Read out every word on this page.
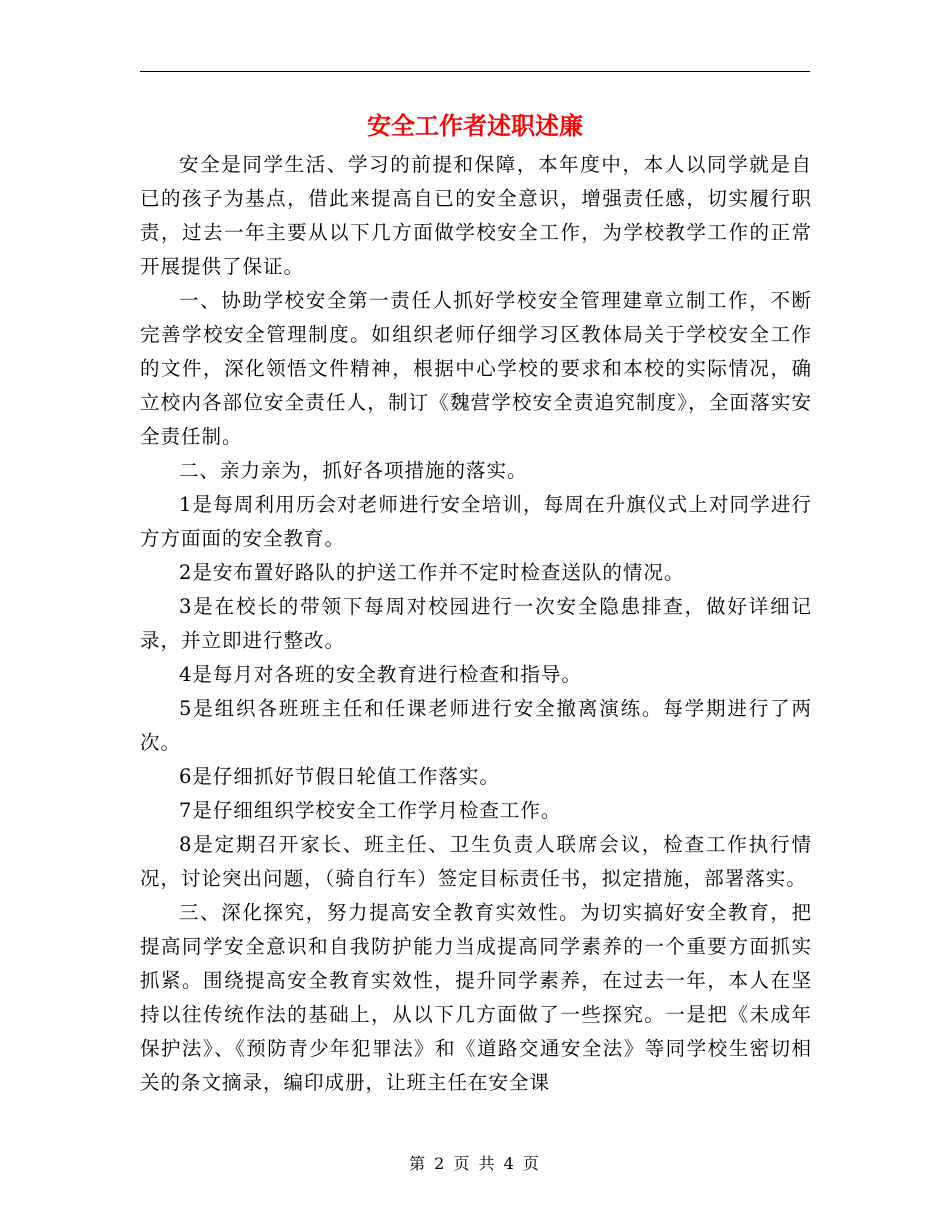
安全工作者述职述廉

安全是同学生活、学习的前提和保障，本年度中，本人以同学就是自已的孩子为基点，借此来提高自已的安全意识，增强责任感，切实履行职责，过去一年主要从以下几方面做学校安全工作，为学校教学工作的正常开展提供了保证。

一、协助学校安全第一责任人抓好学校安全管理建章立制工作，不断完善学校安全管理制度。如组织老师仔细学习区教体局关于学校安全工作的文件，深化领悟文件精神，根据中心学校的要求和本校的实际情况，确立校内各部位安全责任人，制订《魏营学校安全责追究制度》，全面落实安全责任制。

二、亲力亲为，抓好各项措施的落实。

1是每周利用历会对老师进行安全培训，每周在升旗仪式上对同学进行方方面面的安全教育。

2是安布置好路队的护送工作并不定时检查送队的情况。

3是在校长的带领下每周对校园进行一次安全隐患排查，做好详细记录，并立即进行整改。

4是每月对各班的安全教育进行检查和指导。

5是组织各班班主任和任课老师进行安全撤离演练。每学期进行了两次。

6是仔细抓好节假日轮值工作落实。

7是仔细组织学校安全工作学月检查工作。

8是定期召开家长、班主任、卫生负责人联席会议，检查工作执行情况，讨论突出问题，（骑自行车）签定目标责任书，拟定措施，部署落实。

三、深化探究，努力提高安全教育实效性。为切实搞好安全教育，把提高同学安全意识和自我防护能力当成提高同学素养的一个重要方面抓实抓紧。围绕提高安全教育实效性，提升同学素养，在过去一年，本人在坚持以往传统作法的基础上，从以下几方面做了一些探究。一是把《未成年保护法》、《预防青少年犯罪法》和《道路交通安全法》等同学校生密切相关的条文摘录，编印成册，让班主任在安全课

第 2 页 共 4 页
